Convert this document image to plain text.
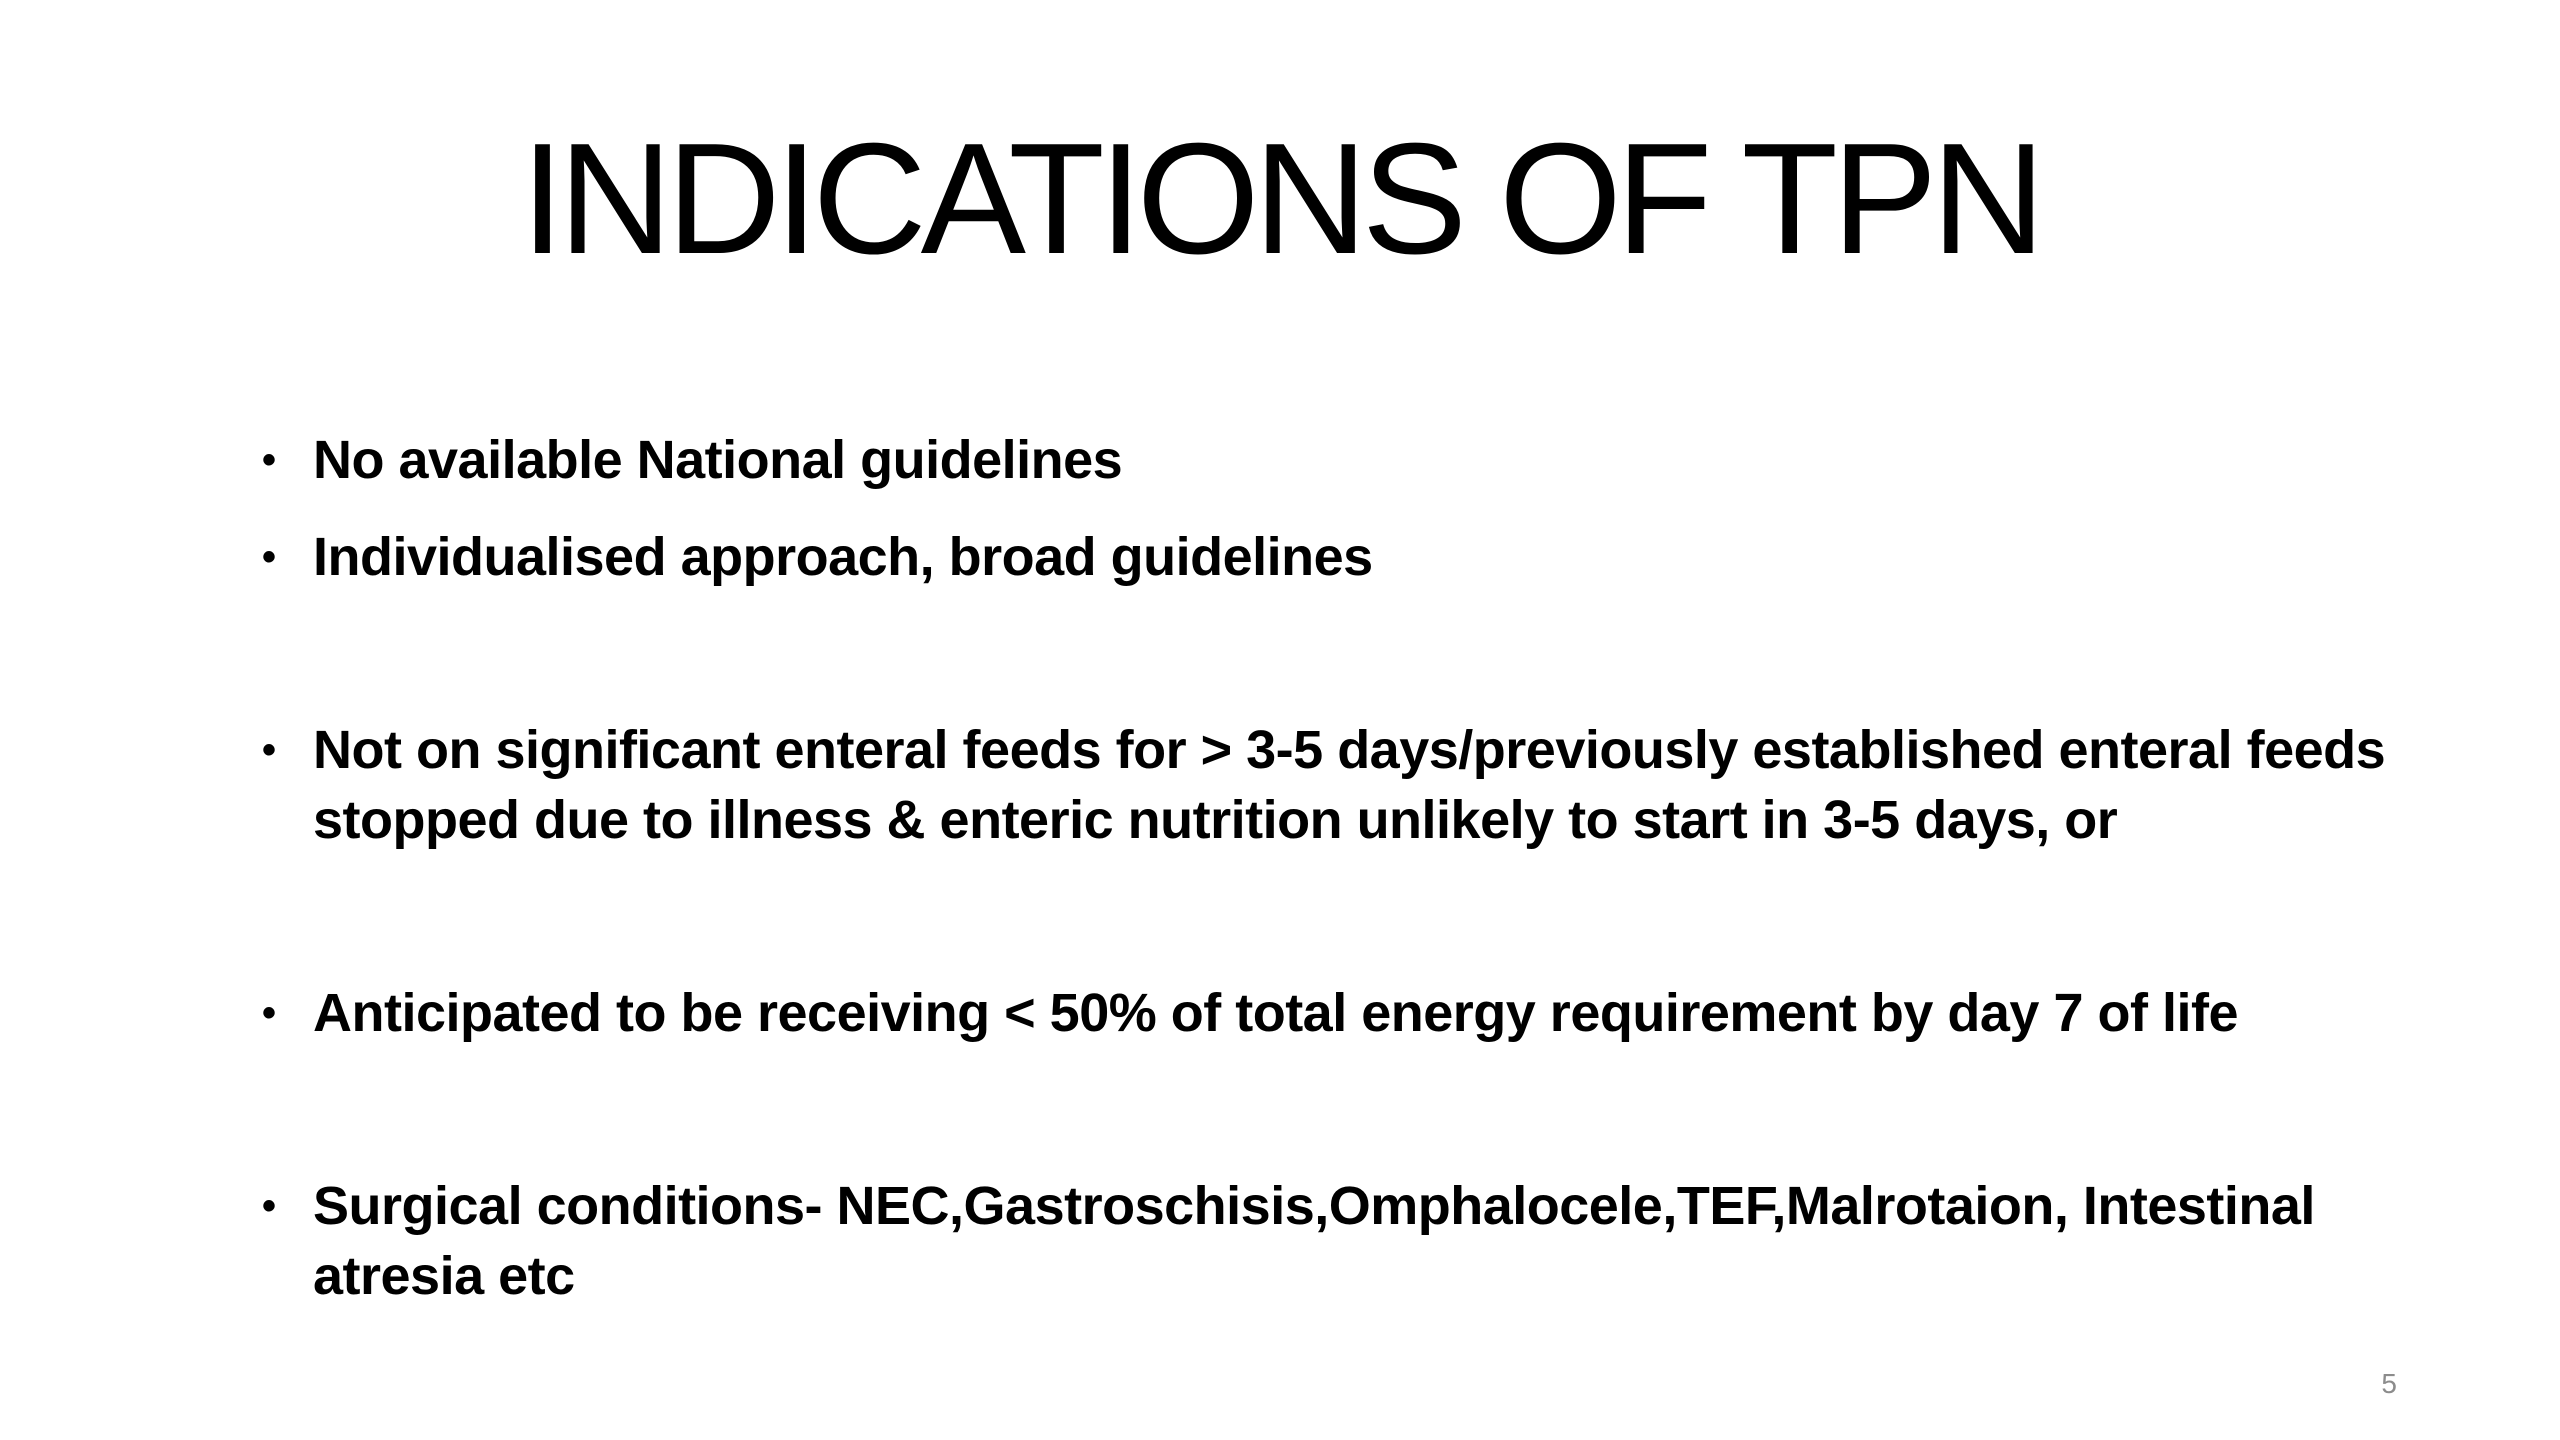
INDICATIONS OF TPN
• No available National guidelines
• Individualised approach, broad guidelines
• Not on significant enteral feeds for > 3-5 days/previously established enteral feeds stopped due to illness & enteric nutrition unlikely to start in 3-5 days, or
• Anticipated to be receiving < 50% of total energy requirement by day 7 of life
• Surgical conditions- NEC,Gastroschisis,Omphalocele,TEF,Malrotaion, Intestinal atresia etc
5
